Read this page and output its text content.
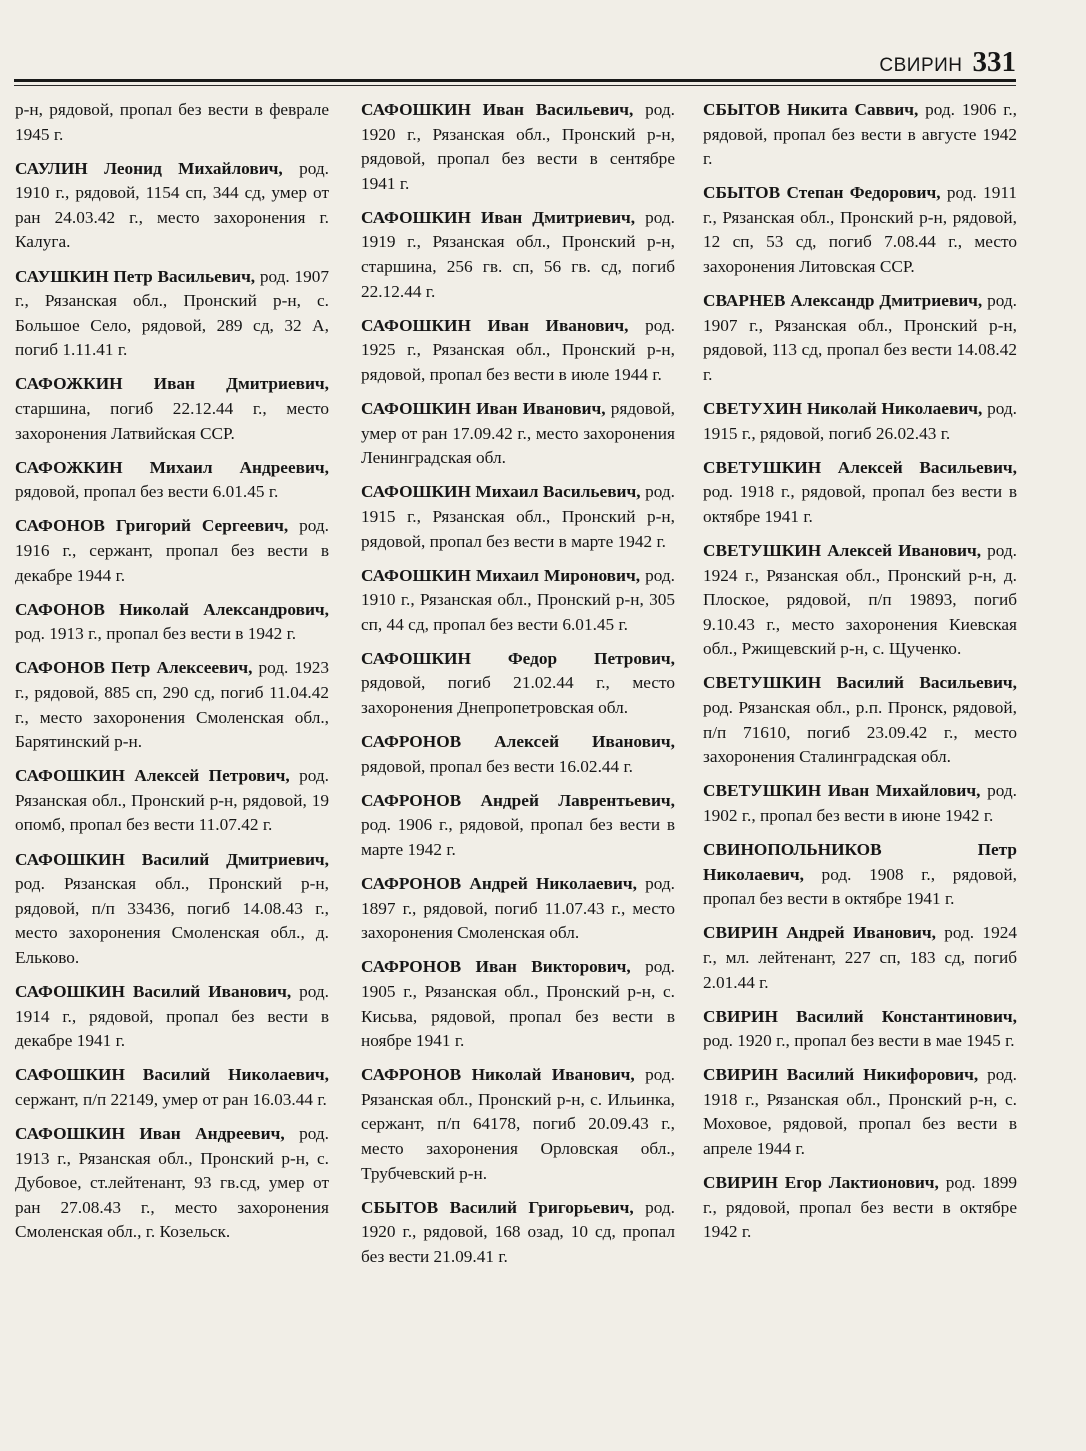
СВИРИН 331

р-н, рядовой, пропал без вести в феврале 1945 г.

САУЛИН Леонид Михайлович, род. 1910 г., рядовой, 1154 сп, 344 сд, умер от ран 24.03.42 г., место захоронения г. Калуга.

САУШКИН Петр Васильевич, род. 1907 г., Рязанская обл., Пронский р-н, с. Большое Село, рядовой, 289 сд, 32 А, погиб 1.11.41 г.

САФОЖКИН Иван Дмитриевич, старшина, погиб 22.12.44 г., место захоронения Латвийская ССР.

САФОЖКИН Михаил Андреевич, рядовой, пропал без вести 6.01.45 г.

САФОНОВ Григорий Сергеевич, род. 1916 г., сержант, пропал без вести в декабре 1944 г.

САФОНОВ Николай Александрович, род. 1913 г., пропал без вести в 1942 г.

САФОНОВ Петр Алексеевич, род. 1923 г., рядовой, 885 сп, 290 сд, погиб 11.04.42 г., место захоронения Смоленская обл., Барятинский р-н.

САФОШКИН Алексей Петрович, род. Рязанская обл., Пронский р-н, рядовой, 19 опомб, пропал без вести 11.07.42 г.

САФОШКИН Василий Дмитриевич, род. Рязанская обл., Пронский р-н, рядовой, п/п 33436, погиб 14.08.43 г., место захоронения Смоленская обл., д. Ельково.

САФОШКИН Василий Иванович, род. 1914 г., рядовой, пропал без вести в декабре 1941 г.

САФОШКИН Василий Николаевич, сержант, п/п 22149, умер от ран 16.03.44 г.

САФОШКИН Иван Андреевич, род. 1913 г., Рязанская обл., Пронский р-н, с. Дубовое, ст.лейтенант, 93 гв.сд, умер от ран 27.08.43 г., место захоронения Смоленская обл., г. Козельск.

САФОШКИН Иван Васильевич, род. 1920 г., Рязанская обл., Пронский р-н, рядовой, пропал без вести в сентябре 1941 г.

САФОШКИН Иван Дмитриевич, род. 1919 г., Рязанская обл., Пронский р-н, старшина, 256 гв. сп, 56 гв. сд, погиб 22.12.44 г.

САФОШКИН Иван Иванович, род. 1925 г., Рязанская обл., Пронский р-н, рядовой, пропал без вести в июле 1944 г.

САФОШКИН Иван Иванович, рядовой, умер от ран 17.09.42 г., место захоронения Ленинградская обл.

САФОШКИН Михаил Васильевич, род. 1915 г., Рязанская обл., Пронский р-н, рядовой, пропал без вести в марте 1942 г.

САФОШКИН Михаил Миронович, род. 1910 г., Рязанская обл., Пронский р-н, 305 сп, 44 сд, пропал без вести 6.01.45 г.

САФОШКИН Федор Петрович, рядовой, погиб 21.02.44 г., место захоронения Днепропетровская обл.

САФРОНОВ Алексей Иванович, рядовой, пропал без вести 16.02.44 г.

САФРОНОВ Андрей Лаврентьевич, род. 1906 г., рядовой, пропал без вести в марте 1942 г.

САФРОНОВ Андрей Николаевич, род. 1897 г., рядовой, погиб 11.07.43 г., место захоронения Смоленская обл.

САФРОНОВ Иван Викторович, род. 1905 г., Рязанская обл., Пронский р-н, с. Кисьва, рядовой, пропал без вести в ноябре 1941 г.

САФРОНОВ Николай Иванович, род. Рязанская обл., Пронский р-н, с. Ильинка, сержант, п/п 64178, погиб 20.09.43 г., место захоронения Орловская обл., Трубчевский р-н.

СБЫТОВ Василий Григорьевич, род. 1920 г., рядовой, 168 озад, 10 сд, пропал без вести 21.09.41 г.

СБЫТОВ Никита Саввич, род. 1906 г., рядовой, пропал без вести в августе 1942 г.

СБЫТОВ Степан Федорович, род. 1911 г., Рязанская обл., Пронский р-н, рядовой, 12 сп, 53 сд, погиб 7.08.44 г., место захоронения Литовская ССР.

СВАРНЕВ Александр Дмитриевич, род. 1907 г., Рязанская обл., Пронский р-н, рядовой, 113 сд, пропал без вести 14.08.42 г.

СВЕТУХИН Николай Николаевич, род. 1915 г., рядовой, погиб 26.02.43 г.

СВЕТУШКИН Алексей Васильевич, род. 1918 г., рядовой, пропал без вести в октябре 1941 г.

СВЕТУШКИН Алексей Иванович, род. 1924 г., Рязанская обл., Пронский р-н, д. Плоское, рядовой, п/п 19893, погиб 9.10.43 г., место захоронения Киевская обл., Ржищевский р-н, с. Щученко.

СВЕТУШКИН Василий Васильевич, род. Рязанская обл., р.п. Пронск, рядовой, п/п 71610, погиб 23.09.42 г., место захоронения Сталинградская обл.

СВЕТУШКИН Иван Михайлович, род. 1902 г., пропал без вести в июне 1942 г.

СВИНОПОЛЬНИКОВ	Петр Николаевич, род. 1908 г., рядовой, пропал без вести в октябре 1941 г.

СВИРИН Андрей Иванович, род. 1924 г., мл. лейтенант, 227 сп, 183 сд, погиб 2.01.44 г.

СВИРИН Василий Константинович, род. 1920 г., пропал без вести в мае 1945 г.

СВИРИН Василий Никифорович, род. 1918 г., Рязанская обл., Пронский р-н, с. Моховое, рядовой, пропал без вести в апреле 1944 г.

СВИРИН Егор Лактионович, род. 1899 г., рядовой, пропал без вести в октябре 1942 г.
